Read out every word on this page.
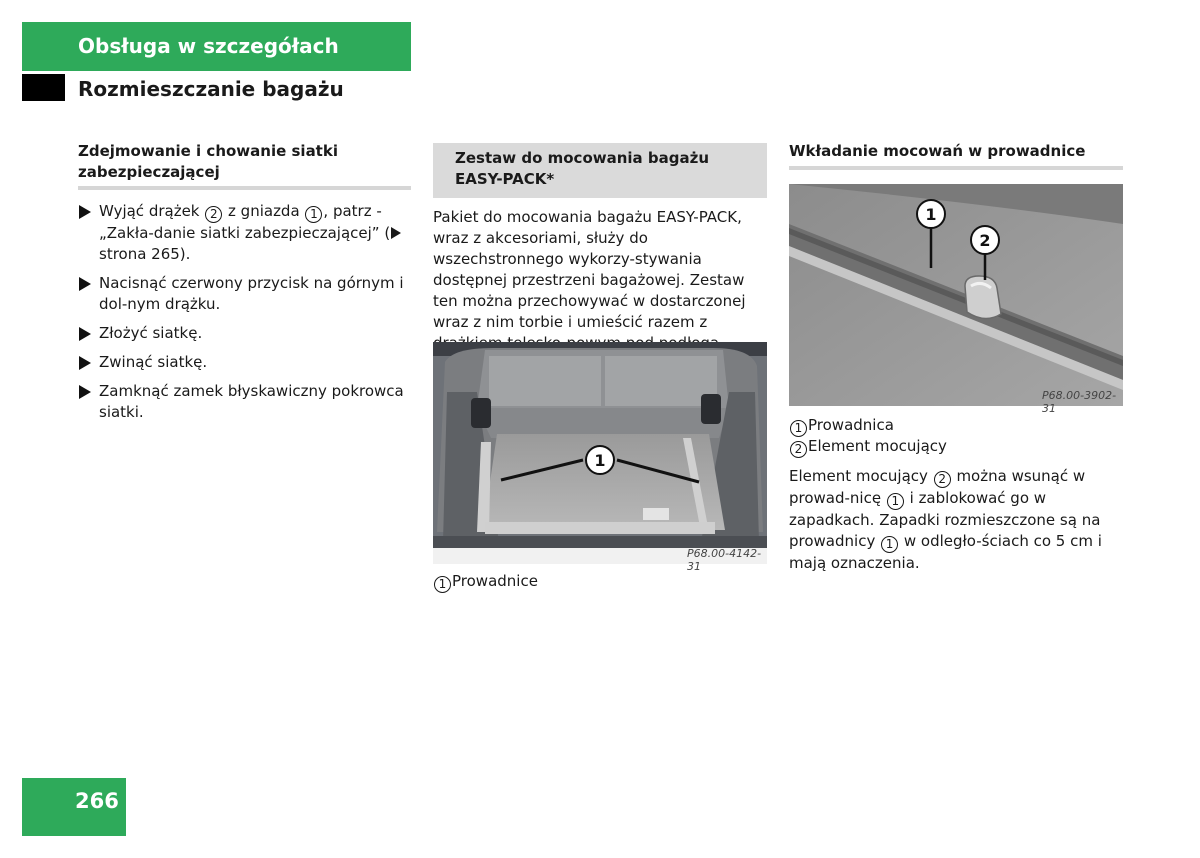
Obsługa w szczegółach
Rozmieszczanie bagażu
Zdejmowanie i chowanie siatki
zabezpieczającej
Wyjąć drążek 2 z gniazda 1 , patrz - „Zakła-danie siatki zabezpieczającej” ( strona 265).
Nacisnąć czerwony przycisk na górnym i dol-nym drążku.
Złożyć siatkę.
Zwinąć siatkę.
Zamknąć zamek błyskawiczny pokrowca siatki.
Zestaw do mocowania bagażu
EASY-PACK*
Pakiet do mocowania bagażu EASY-PACK, wraz z akcesoriami, służy do wszechstronnego wykorzy-stywania dostępnej przestrzeni bagażowej. Zestaw ten można przechowywać w dostarczonej wraz z nim torbie i umieścić razem z
1
P68.00-4142-31
1 Prowadnice
Wkładanie mocowań w prowadnice
1
2
P68.00-3902-31
1 Prowadnica
2 Element mocujący
Element mocujący 2 można wsunąć w prowad-nicę 1 i zablokować go w zapadkach. Zapadki rozmieszczone są na prowadnicy 1 w odległo-ściach co 5 cm i mają oznaczenia.
266
